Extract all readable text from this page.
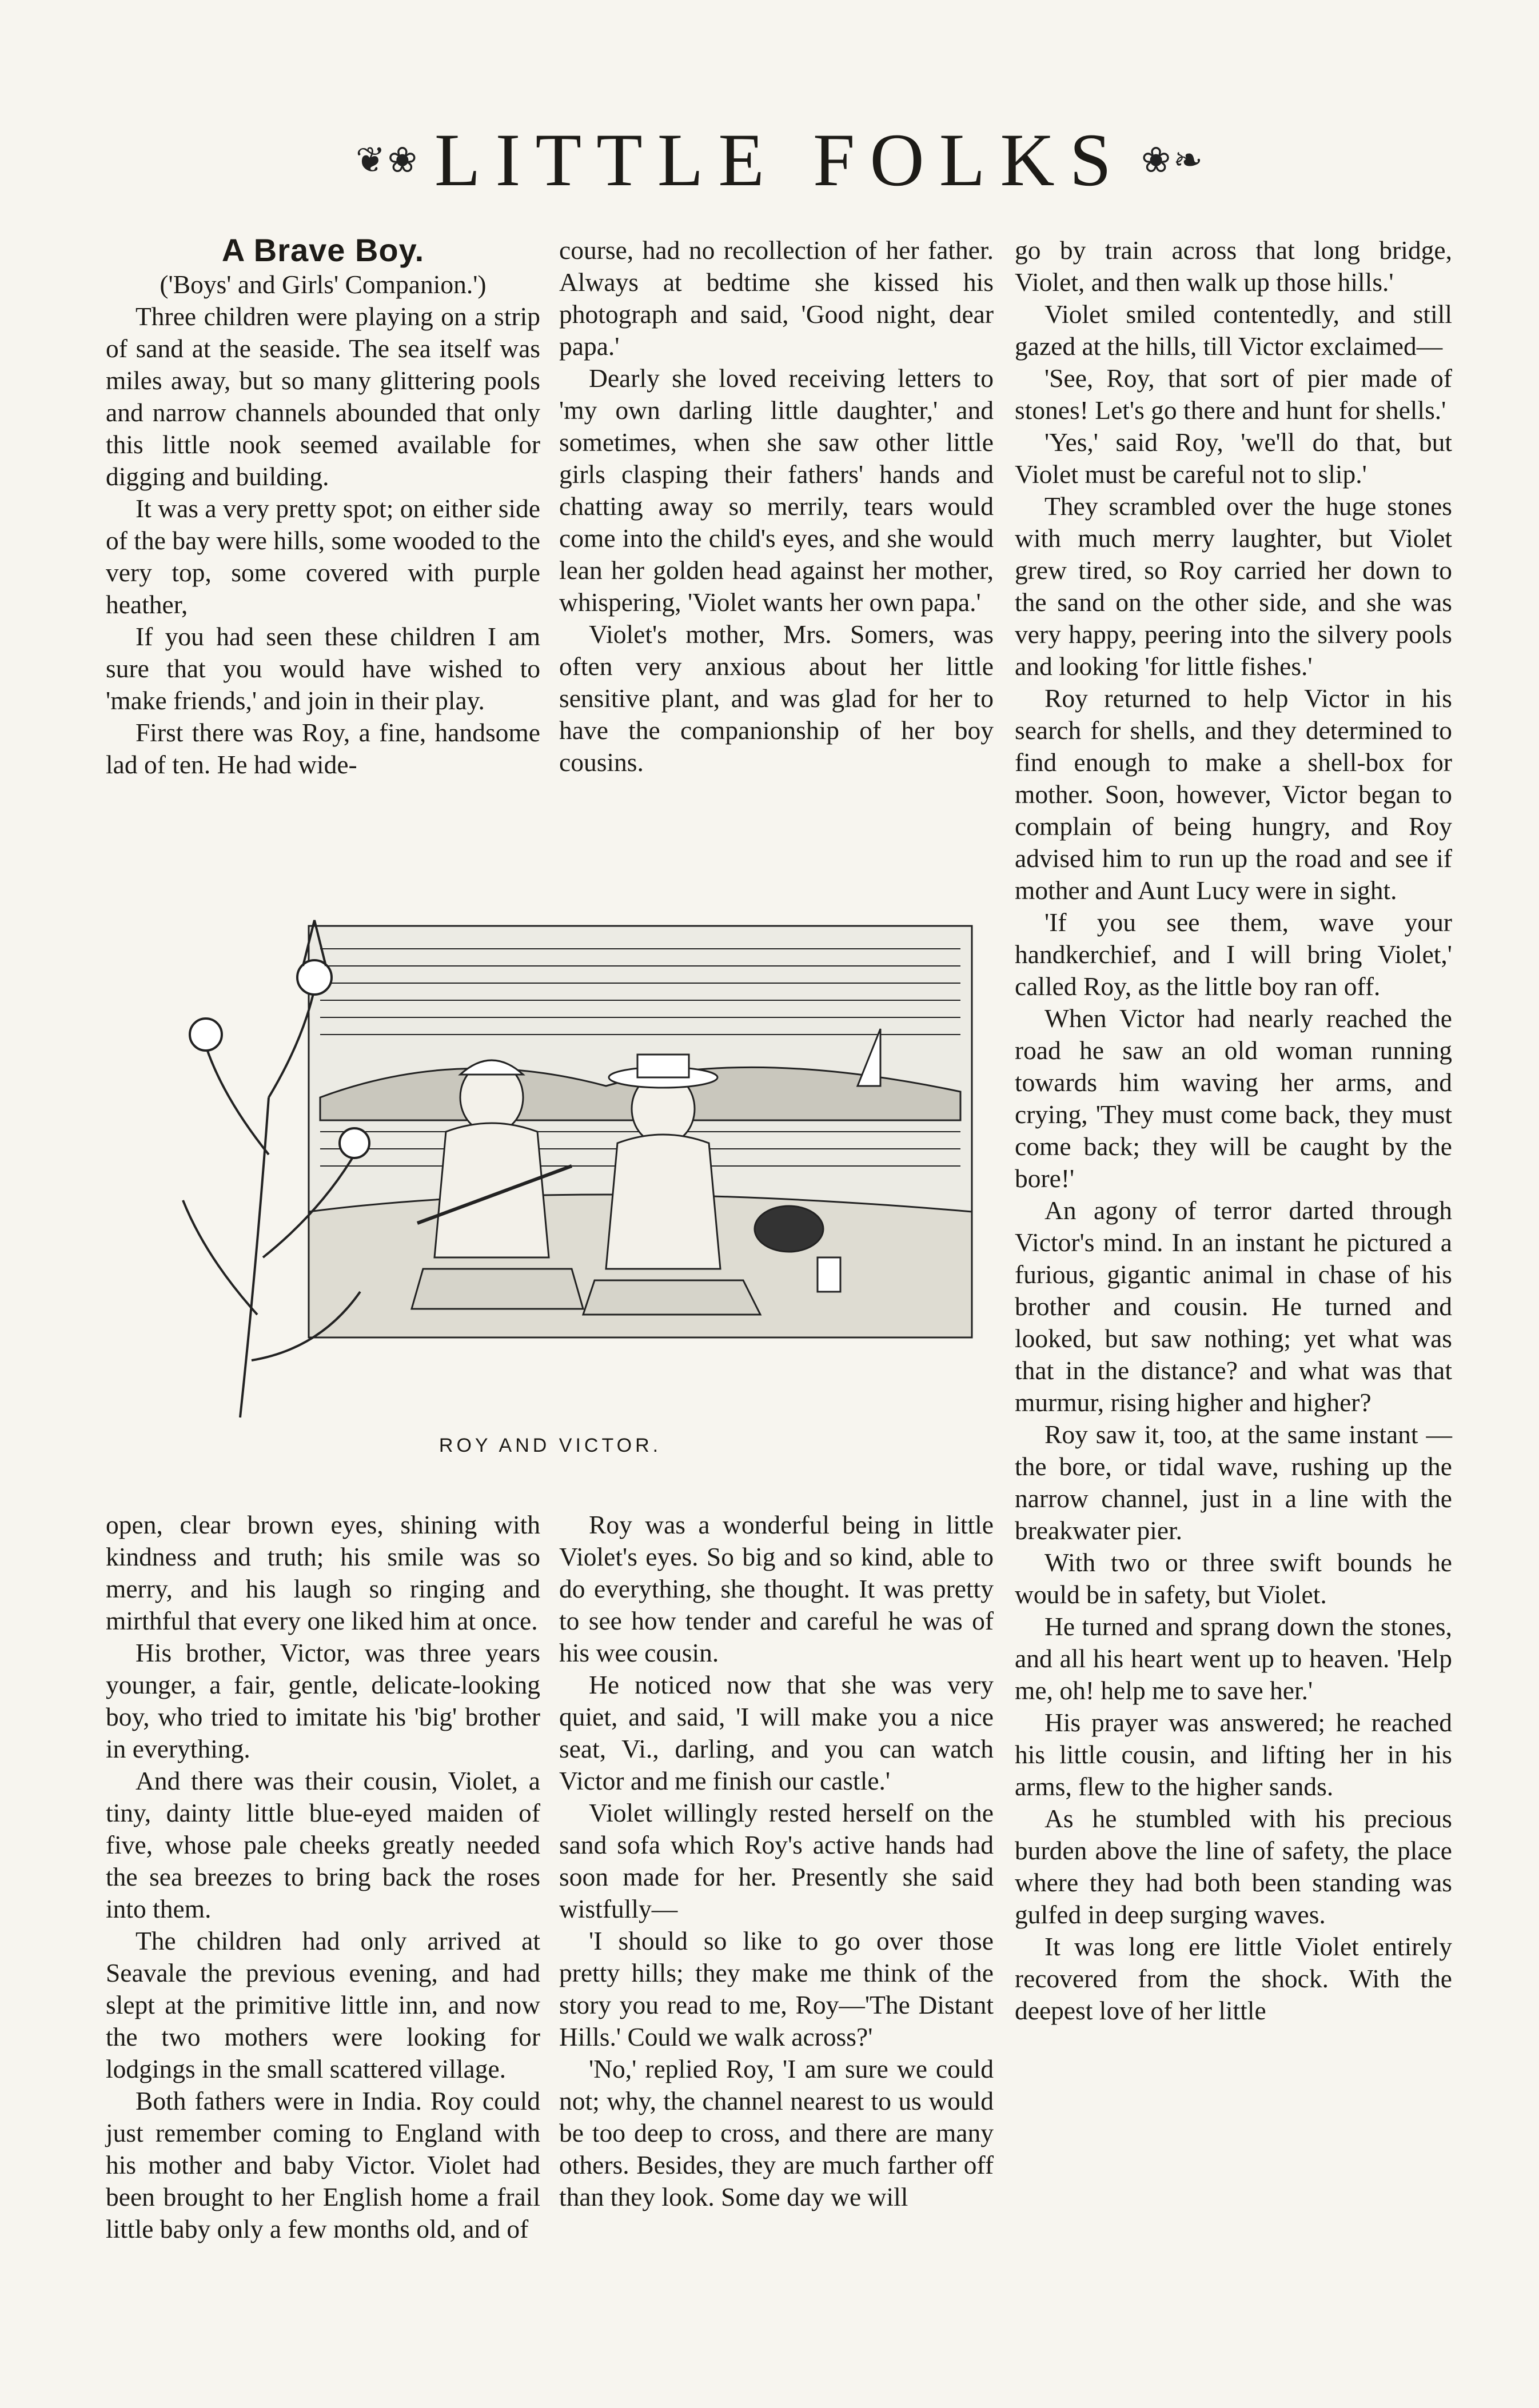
❦❀ LITTLE FOLKS ❀❧
A Brave Boy.

('Boys' and Girls' Companion.')

Three children were playing on a strip of sand at the seaside. The sea itself was miles away, but so many glittering pools and narrow channels abounded that only this little nook seemed available for digging and building.

It was a very pretty spot; on either side of the bay were hills, some wooded to the very top, some covered with purple heather,

If you had seen these children I am sure that you would have wished to 'make friends,' and join in their play.

First there was Roy, a fine, handsome lad of ten. He had wide-

course, had no recollection of her father. Always at bedtime she kissed his photograph and said, 'Good night, dear papa.'

Dearly she loved receiving letters to 'my own darling little daughter,' and sometimes, when she saw other little girls clasping their fathers' hands and chatting away so merrily, tears would come into the child's eyes, and she would lean her golden head against her mother, whispering, 'Violet wants her own papa.'

Violet's mother, Mrs. Somers, was often very anxious about her little sensitive plant, and was glad for her to have the companionship of her boy cousins.

go by train across that long bridge, Violet, and then walk up those hills.'

Violet smiled contentedly, and still gazed at the hills, till Victor exclaimed—

'See, Roy, that sort of pier made of stones! Let's go there and hunt for shells.'

'Yes,' said Roy, 'we'll do that, but Violet must be careful not to slip.'

They scrambled over the huge stones with much merry laughter, but Violet grew tired, so Roy carried her down to the sand on the other side, and she was very happy, peering into the silvery pools and looking 'for little fishes.'

Roy returned to help Victor in his search for shells, and they determined to find enough to make a shell-box for mother. Soon, however, Victor began to complain of being hungry, and Roy advised him to run up the road and see if mother and Aunt Lucy were in sight.

'If you see them, wave your handkerchief, and I will bring Violet,' called Roy, as the little boy ran off.

When Victor had nearly reached the road he saw an old woman running towards him waving her arms, and crying, 'They must come back, they must come back; they will be caught by the bore!'

An agony of terror darted through Victor's mind. In an instant he pictured a furious, gigantic animal in chase of his brother and cousin. He turned and looked, but saw nothing; yet what was that in the distance? and what was that murmur, rising higher and higher?

Roy saw it, too, at the same instant — the bore, or tidal wave, rushing up the narrow channel, just in a line with the breakwater pier.

With two or three swift bounds he would be in safety, but Violet.

He turned and sprang down the stones, and all his heart went up to heaven. 'Help me, oh! help me to save her.'

His prayer was answered; he reached his little cousin, and lifting her in his arms, flew to the higher sands.

As he stumbled with his precious burden above the line of safety, the place where they had both been standing was gulfed in deep surging waves.

It was long ere little Violet entirely recovered from the shock. With the deepest love of her little

ROY AND VICTOR.

open, clear brown eyes, shining with kindness and truth; his smile was so merry, and his laugh so ringing and mirthful that every one liked him at once.

His brother, Victor, was three years younger, a fair, gentle, delicate-looking boy, who tried to imitate his 'big' brother in everything.

And there was their cousin, Violet, a tiny, dainty little blue-eyed maiden of five, whose pale cheeks greatly needed the sea breezes to bring back the roses into them.

The children had only arrived at Seavale the previous evening, and had slept at the primitive little inn, and now the two mothers were looking for lodgings in the small scattered village.

Both fathers were in India. Roy could just remember coming to England with his mother and baby Victor. Violet had been brought to her English home a frail little baby only a few months old, and of

Roy was a wonderful being in little Violet's eyes. So big and so kind, able to do everything, she thought. It was pretty to see how tender and careful he was of his wee cousin.

He noticed now that she was very quiet, and said, 'I will make you a nice seat, Vi., darling, and you can watch Victor and me finish our castle.'

Violet willingly rested herself on the sand sofa which Roy's active hands had soon made for her. Presently she said wistfully—

'I should so like to go over those pretty hills; they make me think of the story you read to me, Roy—'The Distant Hills.' Could we walk across?'

'No,' replied Roy, 'I am sure we could not; why, the channel nearest to us would be too deep to cross, and there are many others. Besides, they are much farther off than they look. Some day we will
